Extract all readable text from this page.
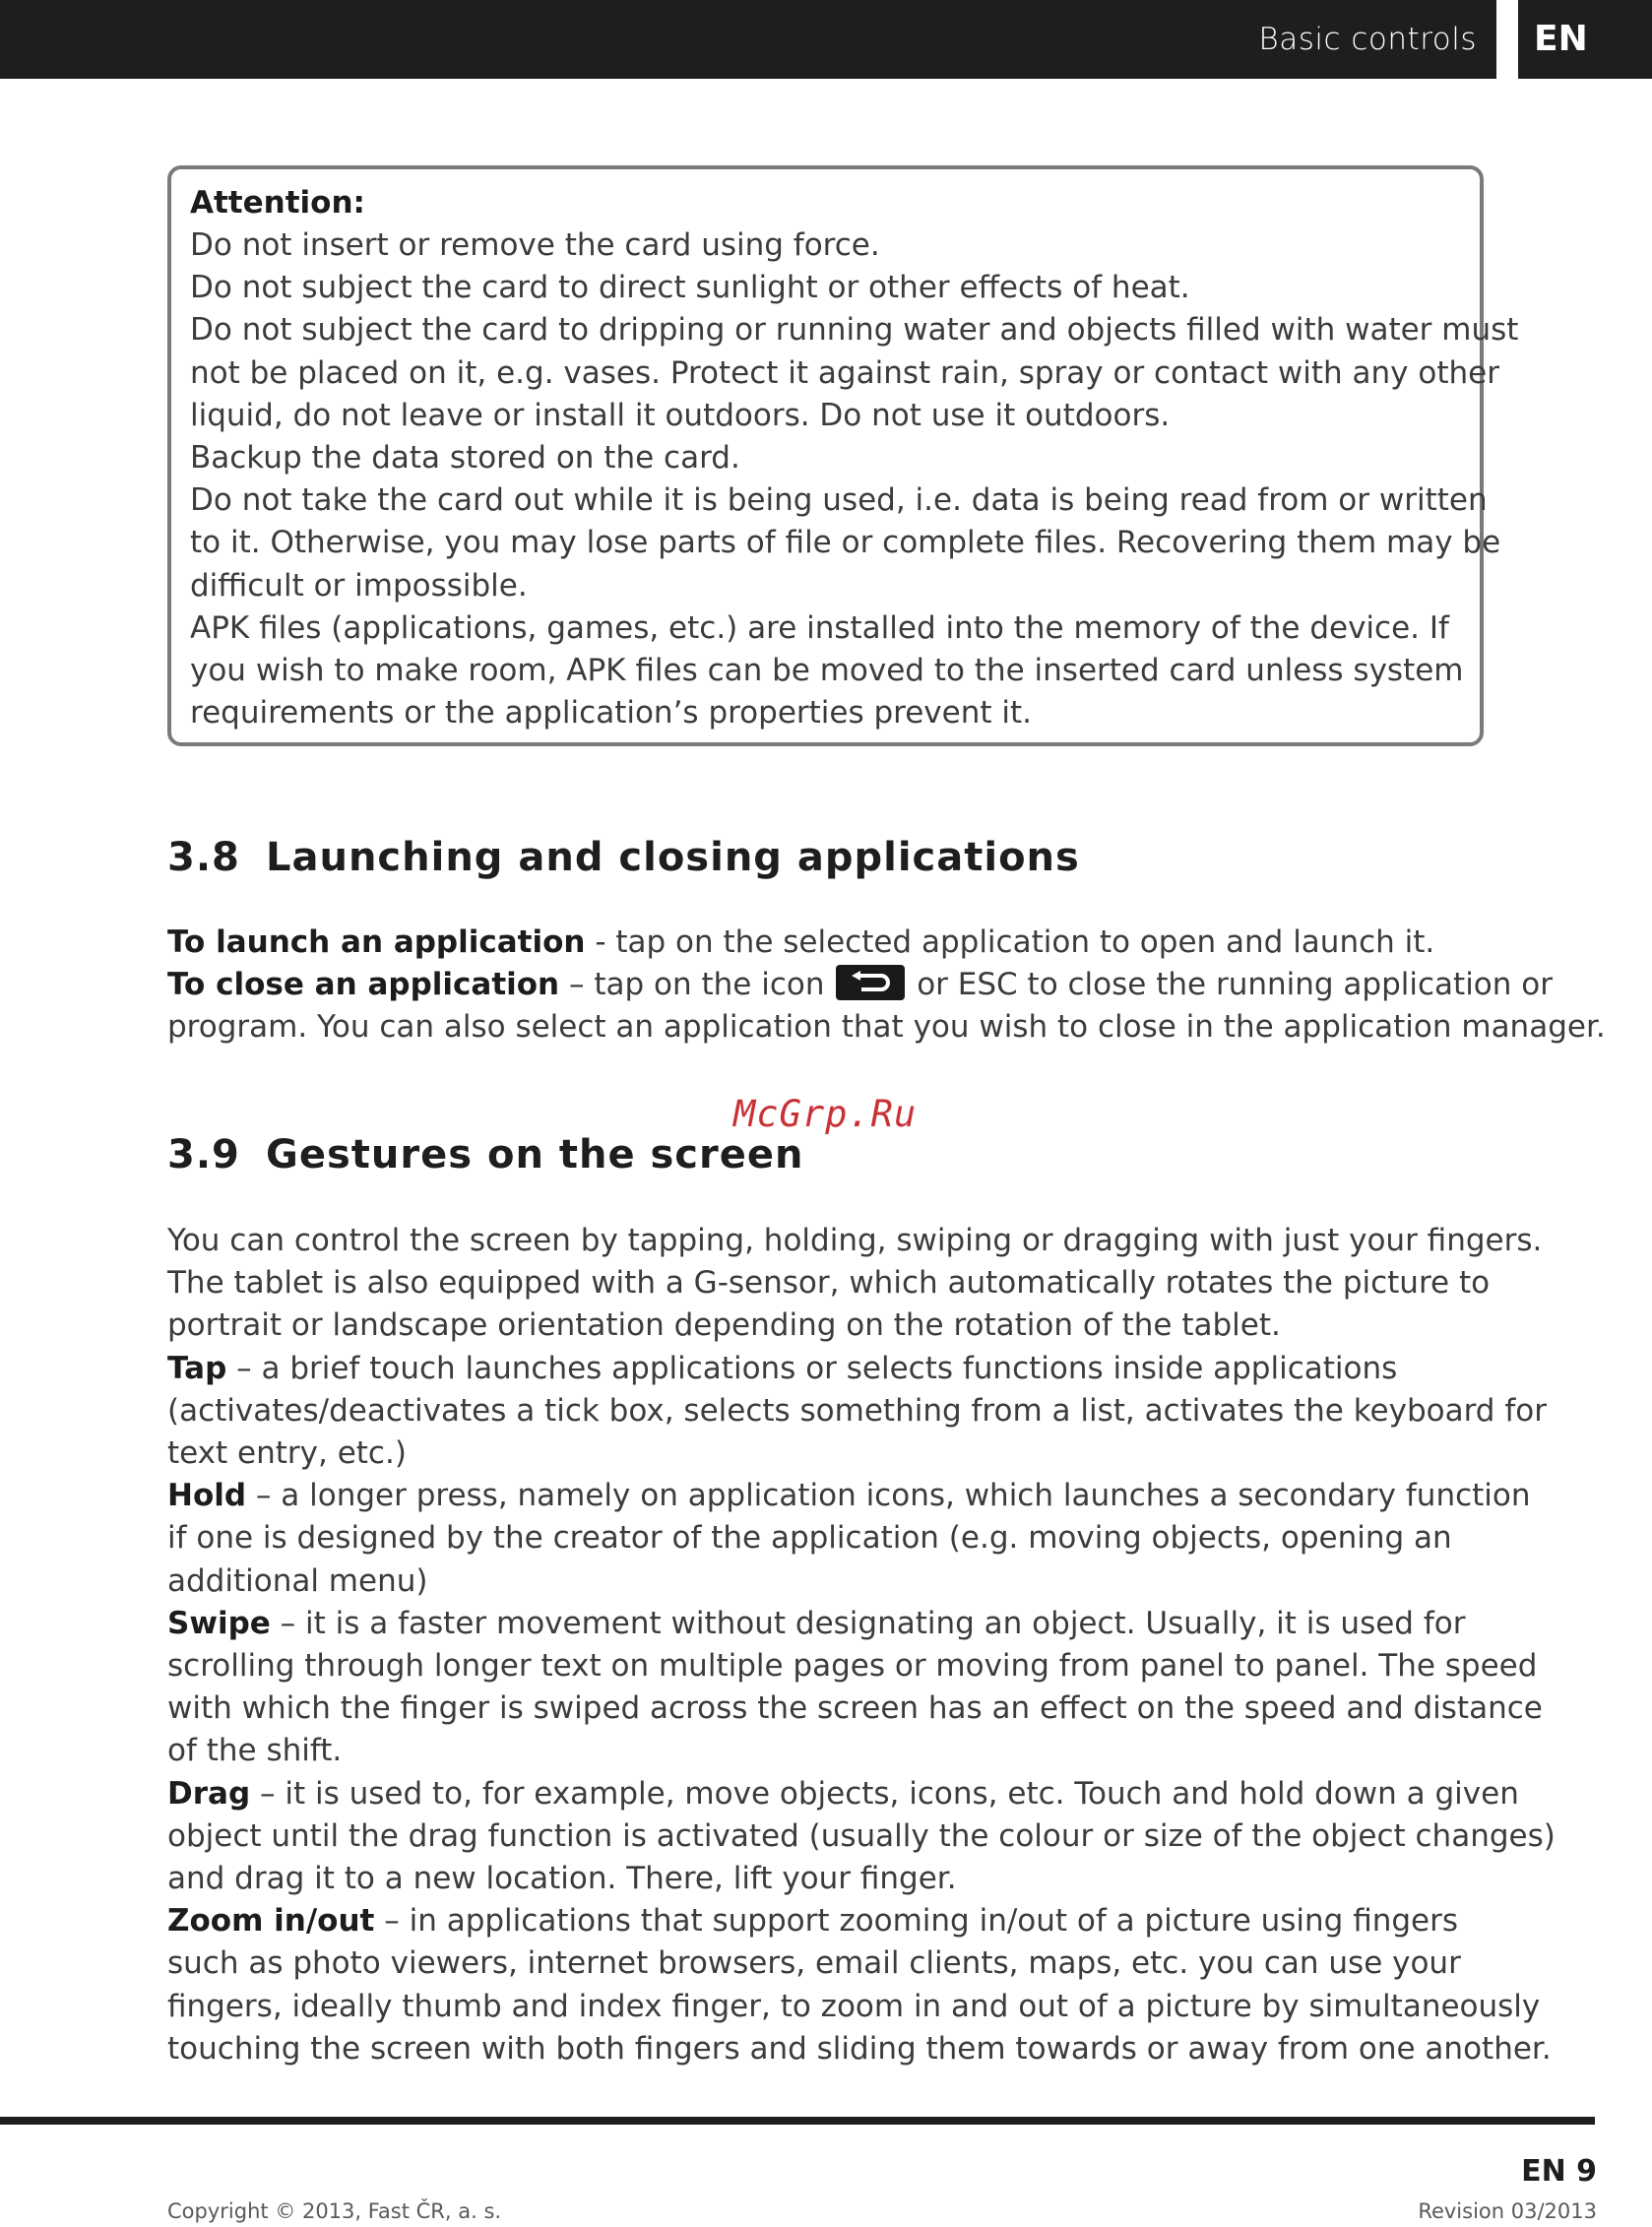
Basic controls	EN
Attention:
Do not insert or remove the card using force.
Do not subject the card to direct sunlight or other effects of heat.
Do not subject the card to dripping or running water and objects filled with water must
not be placed on it, e.g. vases. Protect it against rain, spray or contact with any other
liquid, do not leave or install it outdoors. Do not use it outdoors.
Backup the data stored on the card.
Do not take the card out while it is being used, i.e. data is being read from or written
to it. Otherwise, you may lose parts of file or complete files. Recovering them may be
difficult or impossible.
APK files (applications, games, etc.) are installed into the memory of the device. If
you wish to make room, APK files can be moved to the inserted card unless system
requirements or the application’s properties prevent it.
3.8 Launching and closing applications
To launch an application - tap on the selected application to open and launch it.
To close an application – tap on the icon
or ESC to close the running application or
program. You can also select an application that you wish to close in the application manager.
McGrp.Ru
3.9 Gestures on the screen
You can control the screen by tapping, holding, swiping or dragging with just your fingers.
The tablet is also equipped with a G-sensor, which automatically rotates the picture to
portrait or landscape orientation depending on the rotation of the tablet.
Tap – a brief touch launches applications or selects functions inside applications
(activates/deactivates a tick box, selects something from a list, activates the keyboard for
text entry, etc.)
Hold – a longer press, namely on application icons, which launches a secondary function
if one is designed by the creator of the application (e.g. moving objects, opening an
additional menu)
Swipe – it is a faster movement without designating an object. Usually, it is used for
scrolling through longer text on multiple pages or moving from panel to panel. The speed
with which the finger is swiped across the screen has an effect on the speed and distance
of the shift.
Drag – it is used to, for example, move objects, icons, etc. Touch and hold down a given
object until the drag function is activated (usually the colour or size of the object changes)
and drag it to a new location. There, lift your finger.
Zoom in/out – in applications that support zooming in/out of a picture using fingers
such as photo viewers, internet browsers, email clients, maps, etc. you can use your
fingers, ideally thumb and index finger, to zoom in and out of a picture by simultaneously
touching the screen with both fingers and sliding them towards or away from one another.
EN 9
Copyright © 2013, Fast ČR, a. s.	Revision 03/2013
